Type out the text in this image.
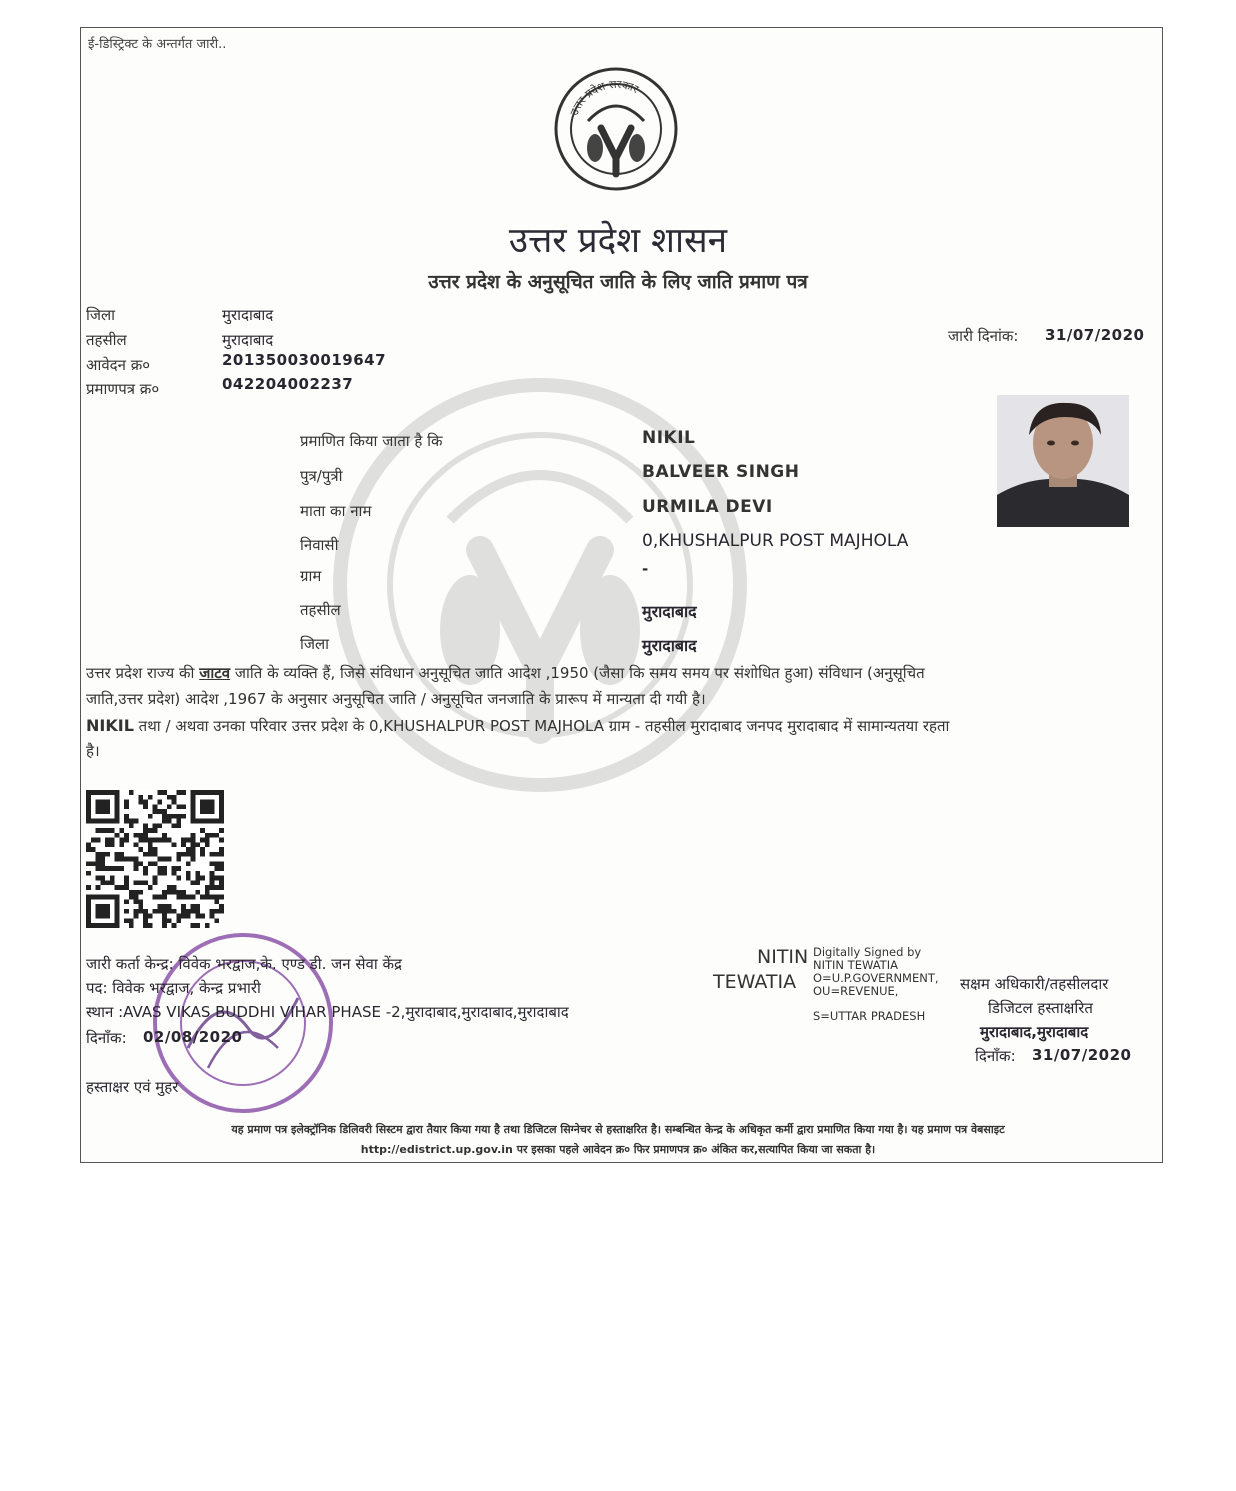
ई-डिस्ट्रिक्ट के अन्तर्गत जारी..
उत्तर प्रदेश सरकार
उत्तर प्रदेश शासन
उत्तर प्रदेश के अनुसूचित जाति के लिए जाति प्रमाण पत्र
जिला	मुरादाबाद
तहसील	मुरादाबाद
आवेदन क्र०	201350030019647
प्रमाणपत्र क्र०	042204002237
जारी दिनांक: 31/07/2020
प्रमाणित किया जाता है कि	NIKIL
पुत्र/पुत्री	BALVEER SINGH
माता का नाम	URMILA DEVI
निवासी	0,KHUSHALPUR POST MAJHOLA
ग्राम	-
तहसील	मुरादाबाद
जिला	मुरादाबाद
उत्तर प्रदेश राज्य की जाटव जाति के व्यक्ति हैं, जिसे संविधान अनुसूचित जाति आदेश ,1950 (जैसा कि समय समय पर संशोधित हुआ) संविधान (अनुसूचित
जाति,उत्तर प्रदेश) आदेश ,1967 के अनुसार अनुसूचित जाति / अनुसूचित जनजाति के प्रारूप में मान्यता दी गयी है।
NIKIL तथा / अथवा उनका परिवार उत्तर प्रदेश के 0,KHUSHALPUR POST MAJHOLA ग्राम - तहसील मुरादाबाद जनपद मुरादाबाद में सामान्यतया रहता
है।
जारी कर्ता केन्द्र: विवेक भरद्वाज,के. एण्ड डी. जन सेवा केंद्र
पद: विवेक भरद्वाज, केन्द्र प्रभारी
स्थान :AVAS VIKAS BUDDHI VIHAR PHASE -2,मुरादाबाद,मुरादाबाद,मुरादाबाद
दिनाँक: 02/08/2020
हस्ताक्षर एवं मुहर
NITIN
TEWATIA
Digitally Signed by
NITIN TEWATIA
O=U.P.GOVERNMENT,
OU=REVENUE,
S=UTTAR PRADESH
सक्षम अधिकारी/तहसीलदार
डिजिटल हस्ताक्षरित
मुरादाबाद,मुरादाबाद
दिनाँक: 31/07/2020
यह प्रमाण पत्र इलेक्ट्रॉनिक डिलिवरी सिस्टम द्वारा तैयार किया गया है तथा डिजिटल सिग्नेचर से हस्ताक्षरित है। सम्बन्धित केन्द्र के अधिकृत कर्मी द्वारा प्रमाणित किया गया है। यह प्रमाण पत्र वेबसाइट
http://edistrict.up.gov.in पर इसका पहले आवेदन क्र० फिर प्रमाणपत्र क्र० अंकित कर,सत्यापित किया जा सकता है।
